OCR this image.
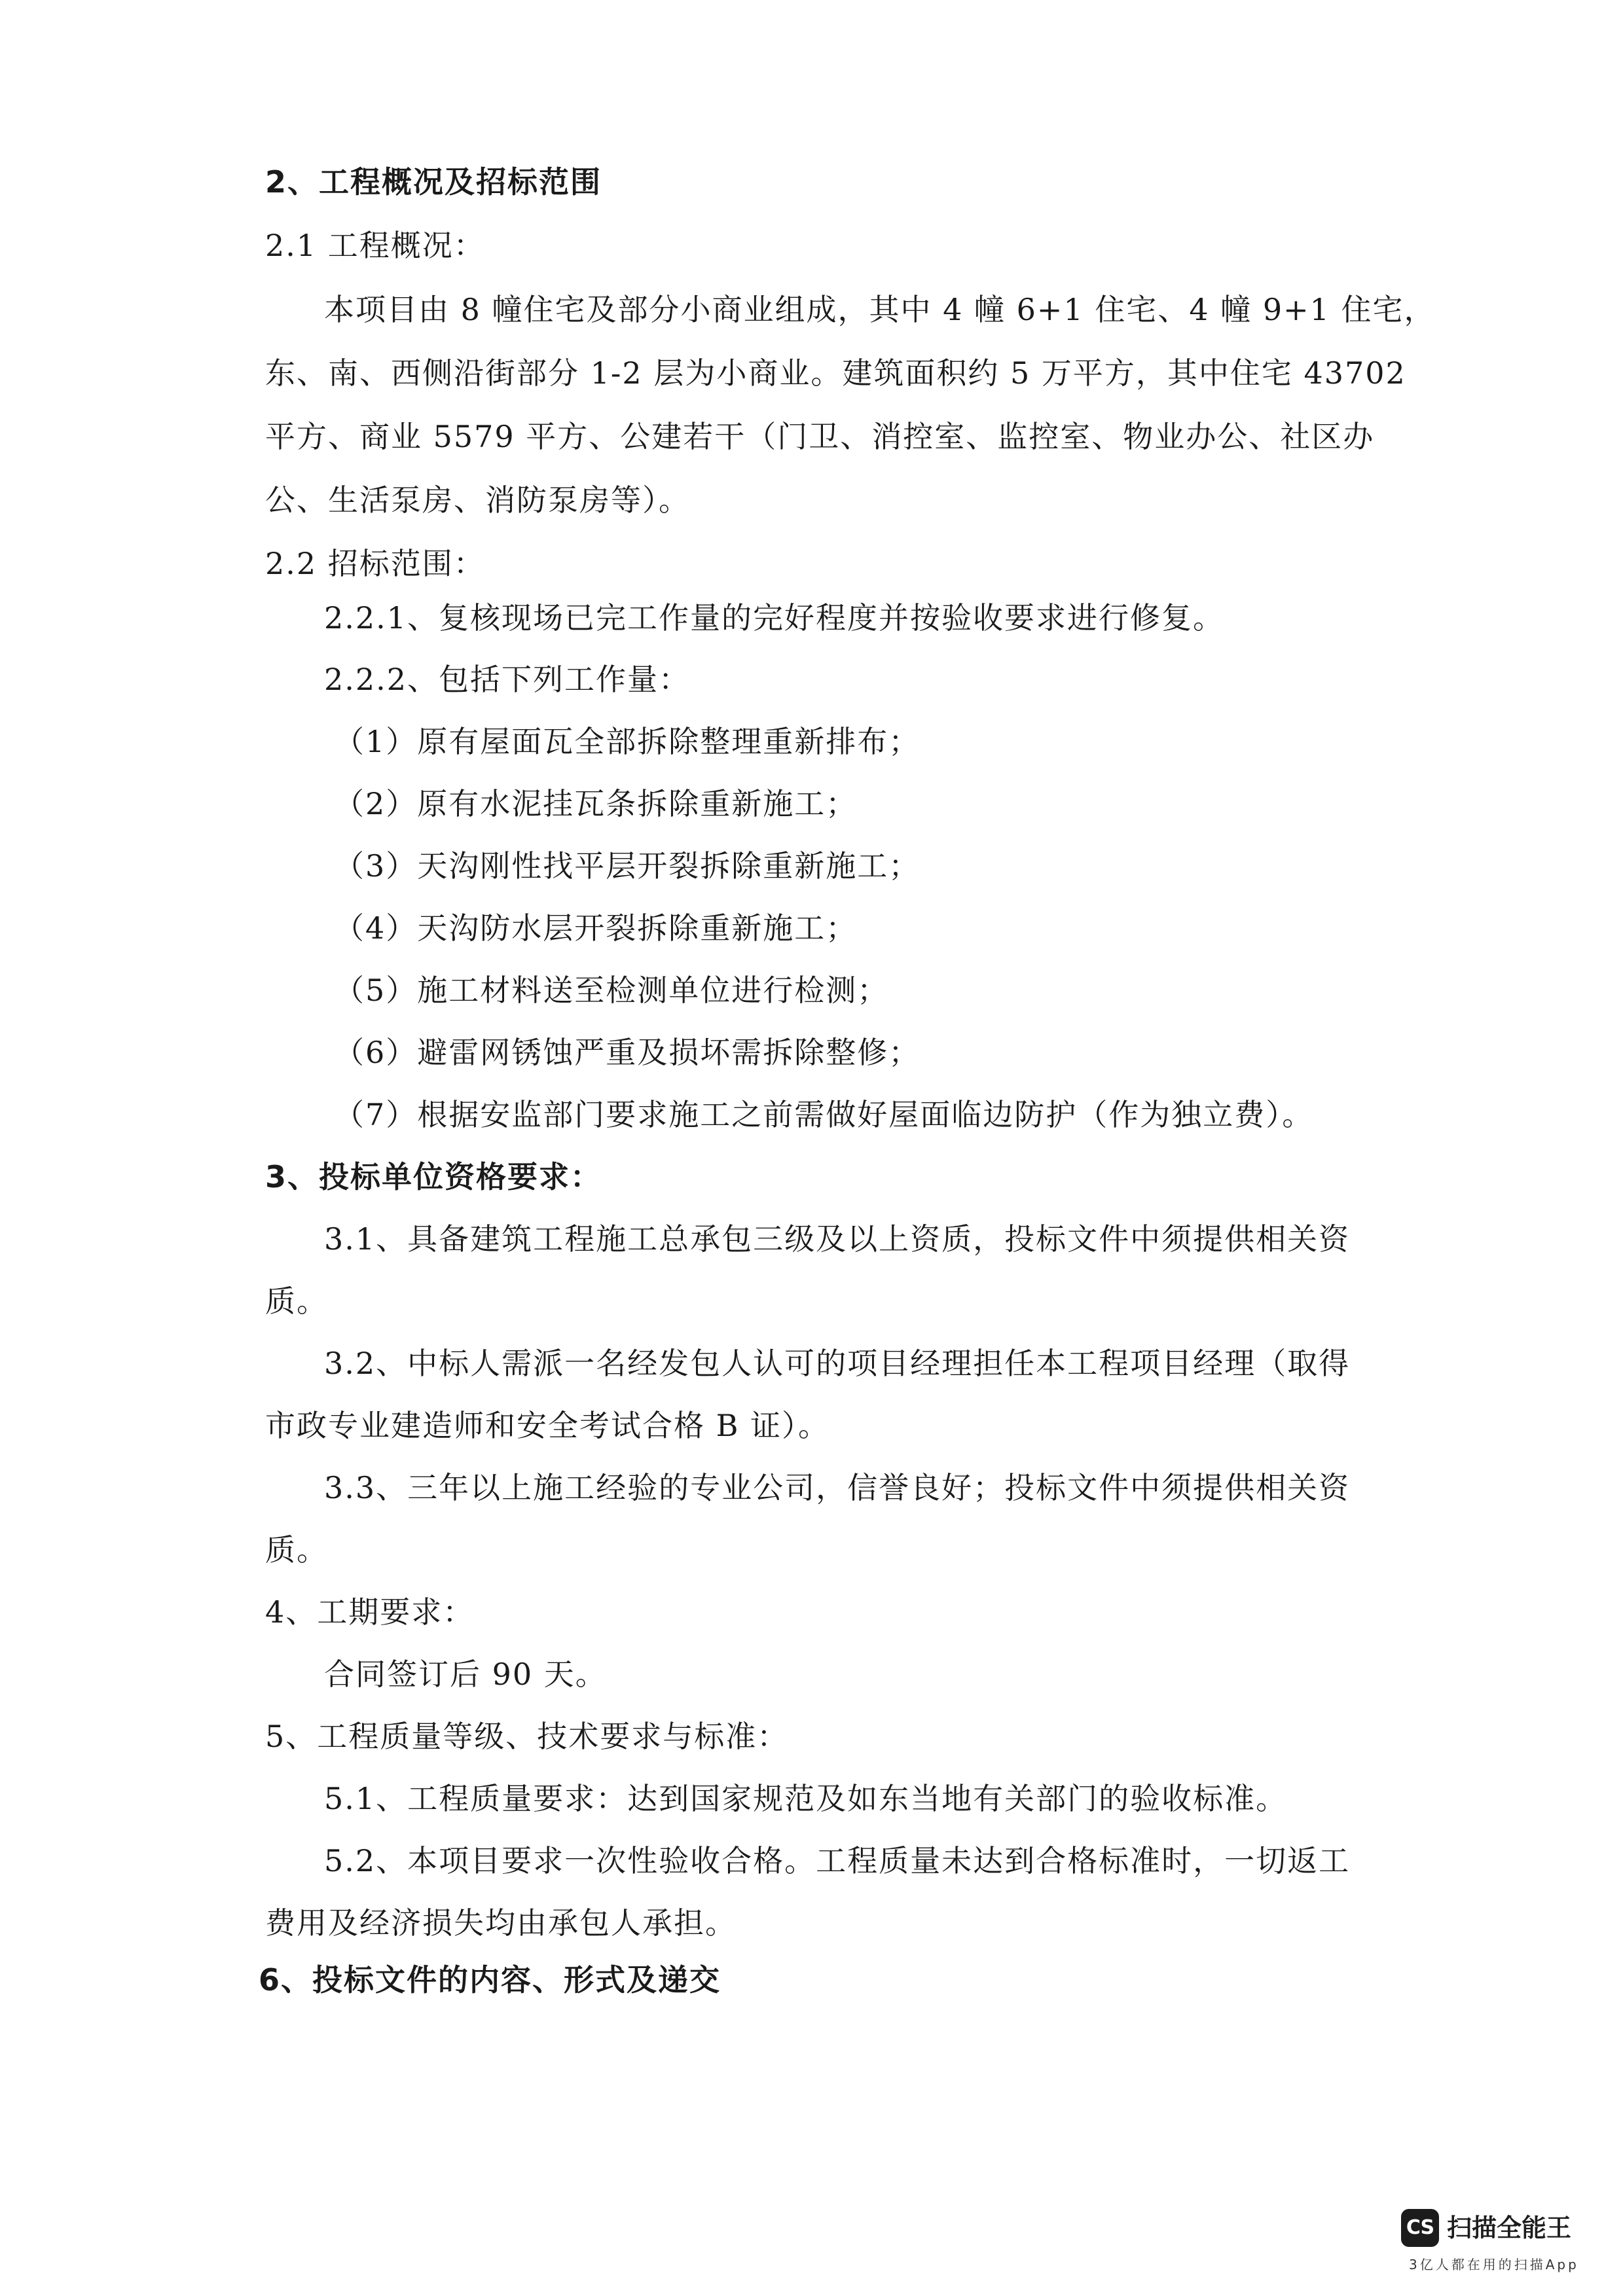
2、工程概况及招标范围
2.1 工程概况：
本项目由 8 幢住宅及部分小商业组成，其中 4 幢 6+1 住宅、4 幢 9+1 住宅，
东、南、西侧沿街部分 1-2 层为小商业。建筑面积约 5 万平方，其中住宅 43702
平方、商业 5579 平方、公建若干（门卫、消控室、监控室、物业办公、社区办
公、生活泵房、消防泵房等）。
2.2 招标范围：
2.2.1、复核现场已完工作量的完好程度并按验收要求进行修复。
2.2.2、包括下列工作量：
（1）原有屋面瓦全部拆除整理重新排布；
（2）原有水泥挂瓦条拆除重新施工；
（3）天沟刚性找平层开裂拆除重新施工；
（4）天沟防水层开裂拆除重新施工；
（5）施工材料送至检测单位进行检测；
（6）避雷网锈蚀严重及损坏需拆除整修；
（7）根据安监部门要求施工之前需做好屋面临边防护（作为独立费）。
3、投标单位资格要求：
3.1、具备建筑工程施工总承包三级及以上资质，投标文件中须提供相关资
质。
3.2、中标人需派一名经发包人认可的项目经理担任本工程项目经理（取得
市政专业建造师和安全考试合格 B 证）。
3.3、三年以上施工经验的专业公司，信誉良好；投标文件中须提供相关资
质。
4、工期要求：
合同签订后 90 天。
5、工程质量等级、技术要求与标准：
5.1、工程质量要求：达到国家规范及如东当地有关部门的验收标准。
5.2、本项目要求一次性验收合格。工程质量未达到合格标准时，一切返工
费用及经济损失均由承包人承担。
6、投标文件的内容、形式及递交
CS 扫描全能王
3亿人都在用的扫描App
